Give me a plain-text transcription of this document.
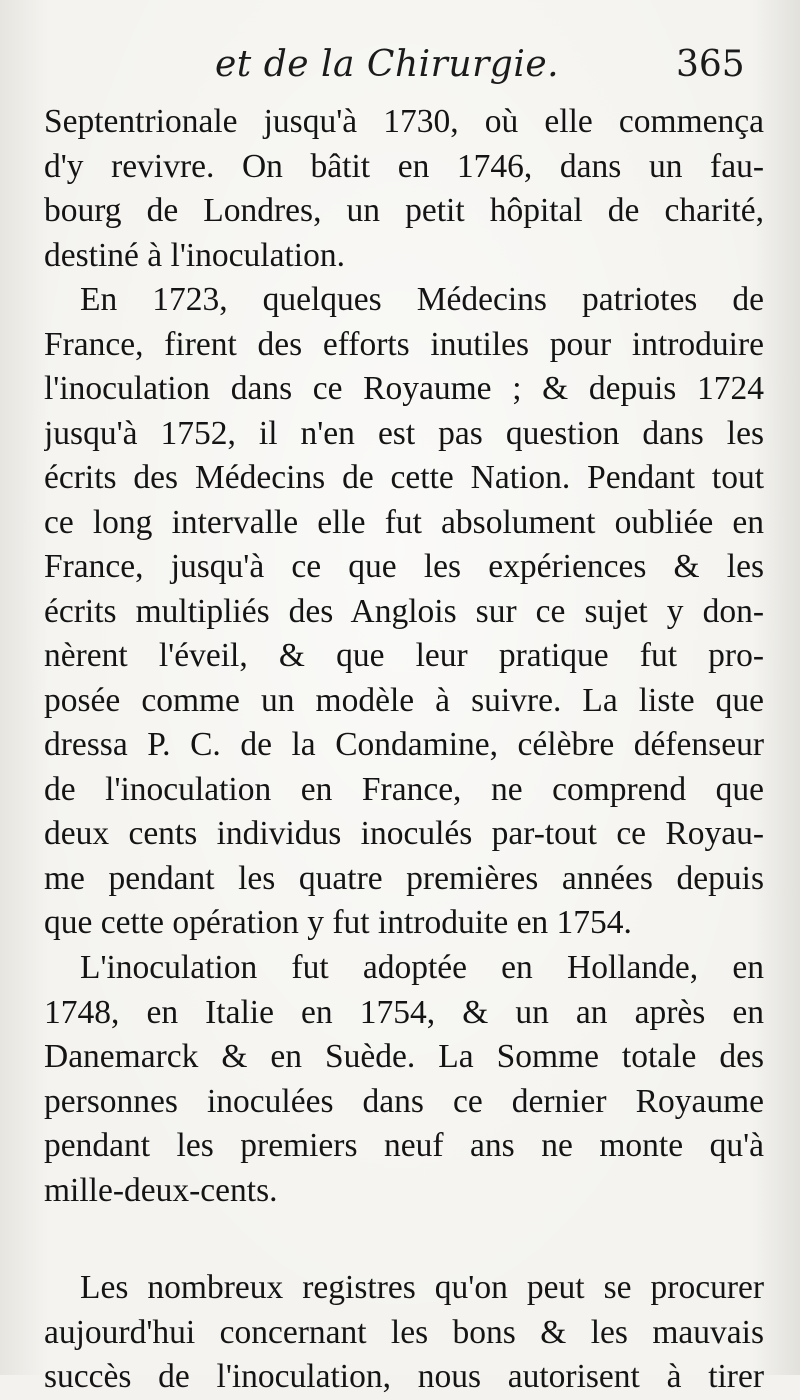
et de la Chirurgie.	365
Septentrionale jusqu'à 1730, où elle commença
d'y revivre. On bâtit en 1746, dans un fau-
bourg de Londres, un petit hôpital de charité,
destiné à l'inoculation.
En 1723, quelques Médecins patriotes de
France, firent des efforts inutiles pour introduire
l'inoculation dans ce Royaume ; & depuis 1724
jusqu'à 1752, il n'en est pas question dans les
écrits des Médecins de cette Nation. Pendant tout
ce long intervalle elle fut absolument oubliée en
France, jusqu'à ce que les expériences & les
écrits multipliés des Anglois sur ce sujet y don-
nèrent l'éveil, & que leur pratique fut pro-
posée comme un modèle à suivre. La liste que
dressa P. C. de la Condamine, célèbre défenseur
de l'inoculation en France, ne comprend que
deux cents individus inoculés par-tout ce Royau-
me pendant les quatre premières années depuis
que cette opération y fut introduite en 1754.
L'inoculation fut adoptée en Hollande, en
1748, en Italie en 1754, & un an après en
Danemarck & en Suède. La Somme totale des
personnes inoculées dans ce dernier Royaume
pendant les premiers neuf ans ne monte qu'à
mille-deux-cents.
Les nombreux registres qu'on peut se procurer
aujourd'hui concernant les bons & les mauvais
succès de l'inoculation, nous autorisent à tirer
